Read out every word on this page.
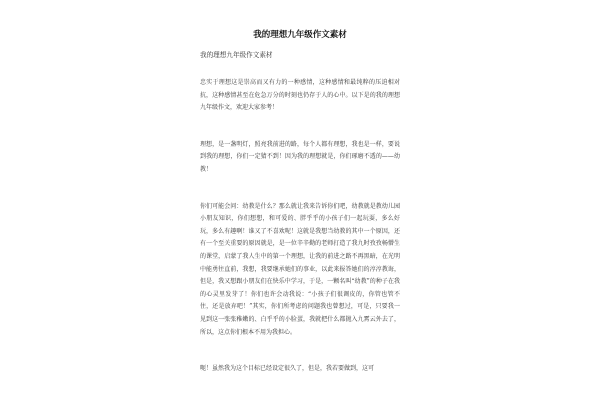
我的理想九年级作文素材
我的理想九年级作文素材

忠实于理想这是崇高而又有力的一种感情，这种感情和最纯粹的压迫相对抗，这种感情甚至在危急万分的时刻也仍存于人的心中。以下是的我的理想九年级作文，欢迎大家参考！

理想，是一盏明灯，照亮我前进的路，每个人都有理想，我也是一样，要说到我的理想，你们一定猜不到！因为我的理想就是，你们琢磨不透的——幼教！

你们可能会问：幼教是什么？那么就让我来告诉你们吧，幼教就是教幼儿园小朋友知识，你们想想，和可爱的、胖乎乎的小孩子们一起玩耍，多么好玩，多么有趣啊！谁又了不喜欢呢！这就是我想当幼教的其中一个原因，还有一个至关重要的原因就是，是一位辛辛勤的老师打造了我九时孜孜畅懵生的课堂，启蒙了我人生中的第一个理想，让我的前进之路不再黑暗，在光明中能勇往直前，我想，我要继承她们的事业，以此来报答她们的淳淳教诲，但是，我又想跟小朋友们在快乐中学习，于是，一颗名叫“幼教”的种子在我的心灵里发芽了！你们也许会动我说：“小孩子们很调皮的，你管也管不住，还是放弃吧！”其实，你们所考虑的问题我也曾想过，可是，只要我一见到这一张张稚嫩的、白乎乎的小脸蛋，我就把什么都抛入九霄云外去了，所以，这点你们根本不用为我担心。

呃！虽然我为这个目标已经设定很久了，但是，我若要做到，这可
